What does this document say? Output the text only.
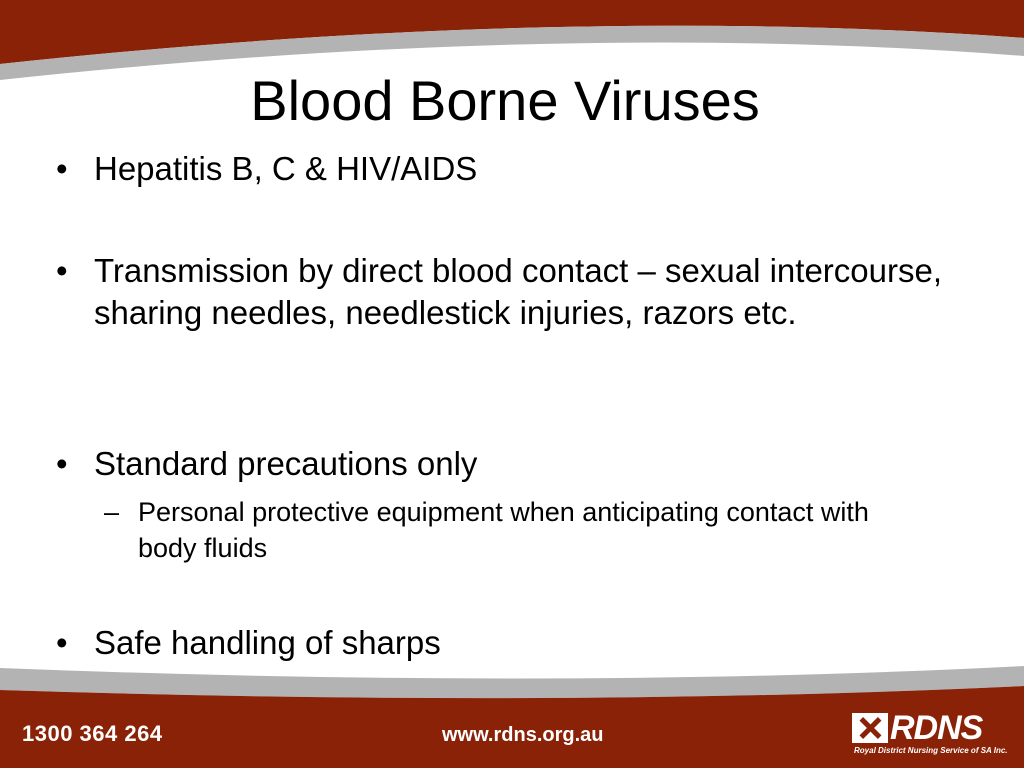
Blood Borne Viruses
• Hepatitis B, C & HIV/AIDS
• Transmission by direct blood contact – sexual intercourse, sharing needles, needlestick injuries, razors etc.
• Standard precautions only
– Personal protective equipment when anticipating contact with body fluids
• Safe handling of sharps
1300 364 264	www.rdns.org.au	RDNS
Royal District Nursing Service of SA Inc.
